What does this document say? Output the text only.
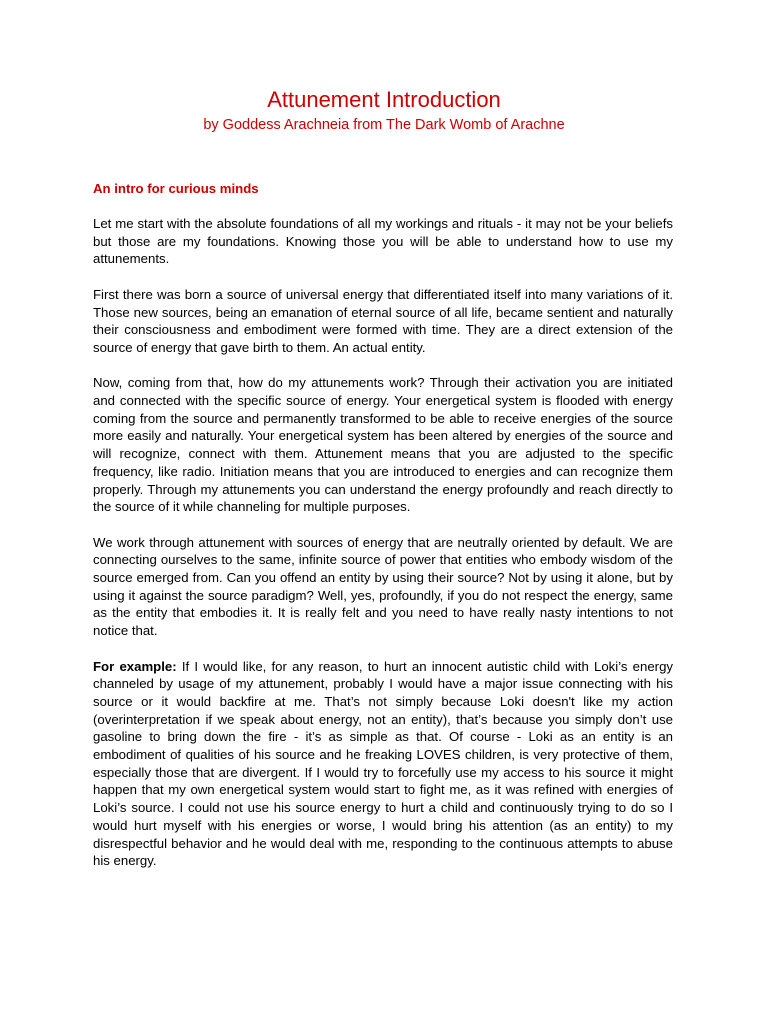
Attunement Introduction

by Goddess Arachneia from The Dark Womb of Arachne

An intro for curious minds

Let me start with the absolute foundations of all my workings and rituals - it may not be your beliefs but those are my foundations. Knowing those you will be able to understand how to use my attunements.

First there was born a source of universal energy that differentiated itself into many variations of it. Those new sources, being an emanation of eternal source of all life, became sentient and naturally their consciousness and embodiment were formed with time. They are a direct extension of the source of energy that gave birth to them. An actual entity.

Now, coming from that, how do my attunements work? Through their activation you are initiated and connected with the specific source of energy. Your energetical system is flooded with energy coming from the source and permanently transformed to be able to receive energies of the source more easily and naturally. Your energetical system has been altered by energies of the source and will recognize, connect with them. Attunement means that you are adjusted to the specific frequency, like radio. Initiation means that you are introduced to energies and can recognize them properly. Through my attunements you can understand the energy profoundly and reach directly to the source of it while channeling for multiple purposes.

We work through attunement with sources of energy that are neutrally oriented by default. We are connecting ourselves to the same, infinite source of power that entities who embody wisdom of the source emerged from. Can you offend an entity by using their source? Not by using it alone, but by using it against the source paradigm? Well, yes, profoundly, if you do not respect the energy, same as the entity that embodies it. It is really felt and you need to have really nasty intentions to not notice that.

For example: If I would like, for any reason, to hurt an innocent autistic child with Loki’s energy channeled by usage of my attunement, probably I would have a major issue connecting with his source or it would backfire at me. That’s not simply because Loki doesn't like my action (overinterpretation if we speak about energy, not an entity), that’s because you simply don’t use gasoline to bring down the fire - it’s as simple as that. Of course - Loki as an entity is an embodiment of qualities of his source and he freaking LOVES children, is very protective of them, especially those that are divergent. If I would try to forcefully use my access to his source it might happen that my own energetical system would start to fight me, as it was refined with energies of Loki’s source. I could not use his source energy to hurt a child and continuously trying to do so I would hurt myself with his energies or worse, I would bring his attention (as an entity) to my disrespectful behavior and he would deal with me, responding to the continuous attempts to abuse his energy.
